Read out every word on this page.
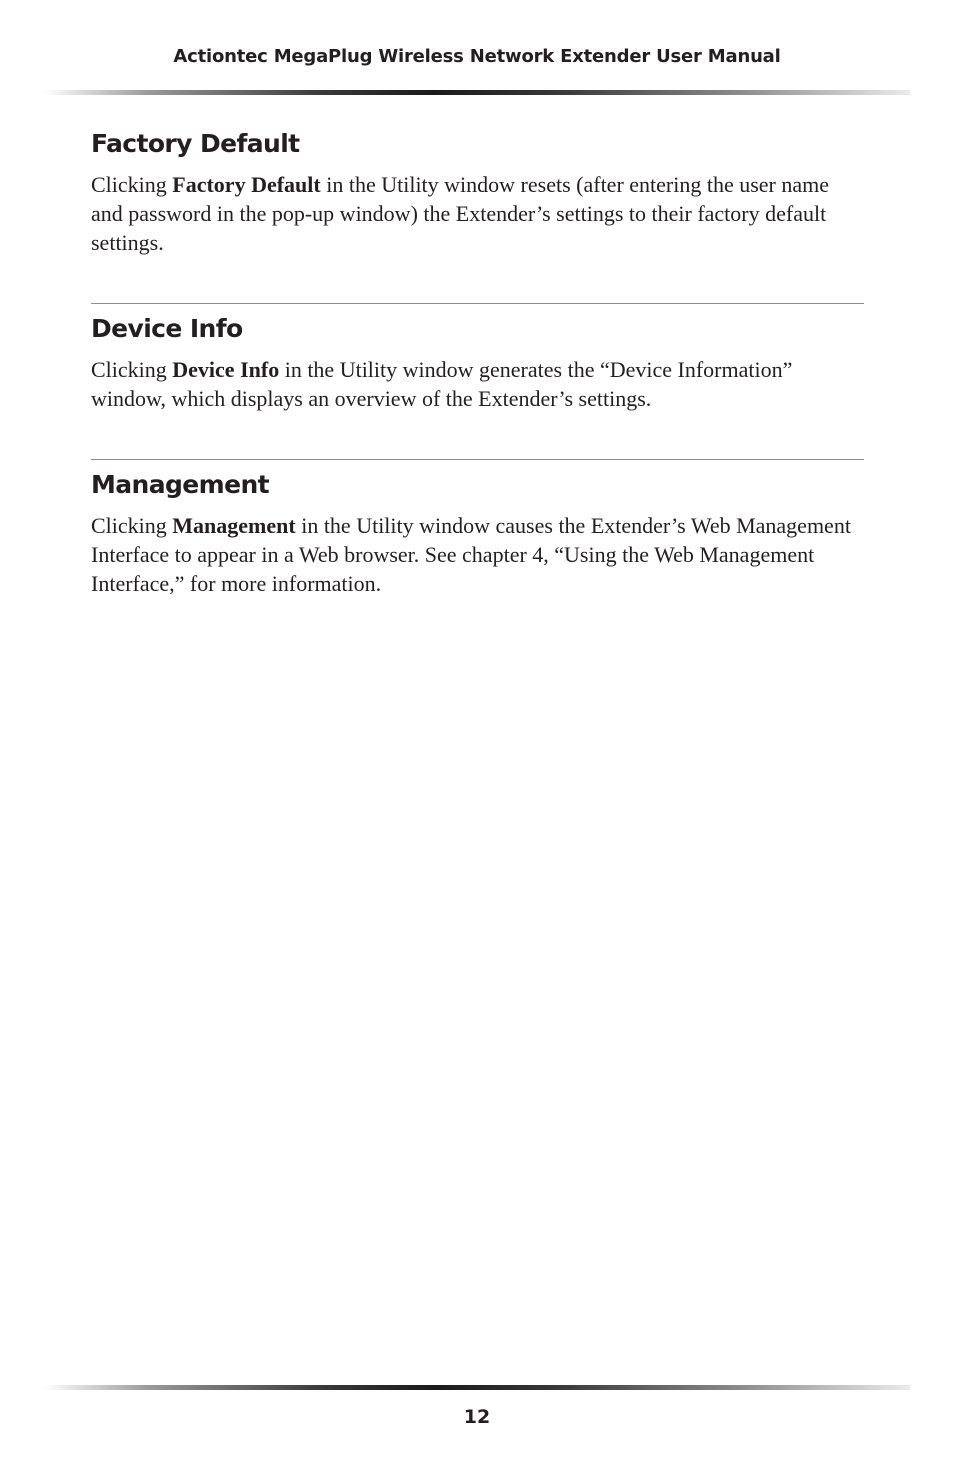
Actiontec MegaPlug Wireless Network Extender User Manual
Factory Default

Clicking Factory Default in the Utility window resets (after entering the user name and password in the pop-up window) the Extender’s settings to their factory default settings.

Device Info

Clicking Device Info in the Utility window generates the “Device Information” window, which displays an overview of the Extender’s settings.

Management

Clicking Management in the Utility window causes the Extender’s Web Management Interface to appear in a Web browser. See chapter 4, “Using the Web Management Interface,” for more information.

12
